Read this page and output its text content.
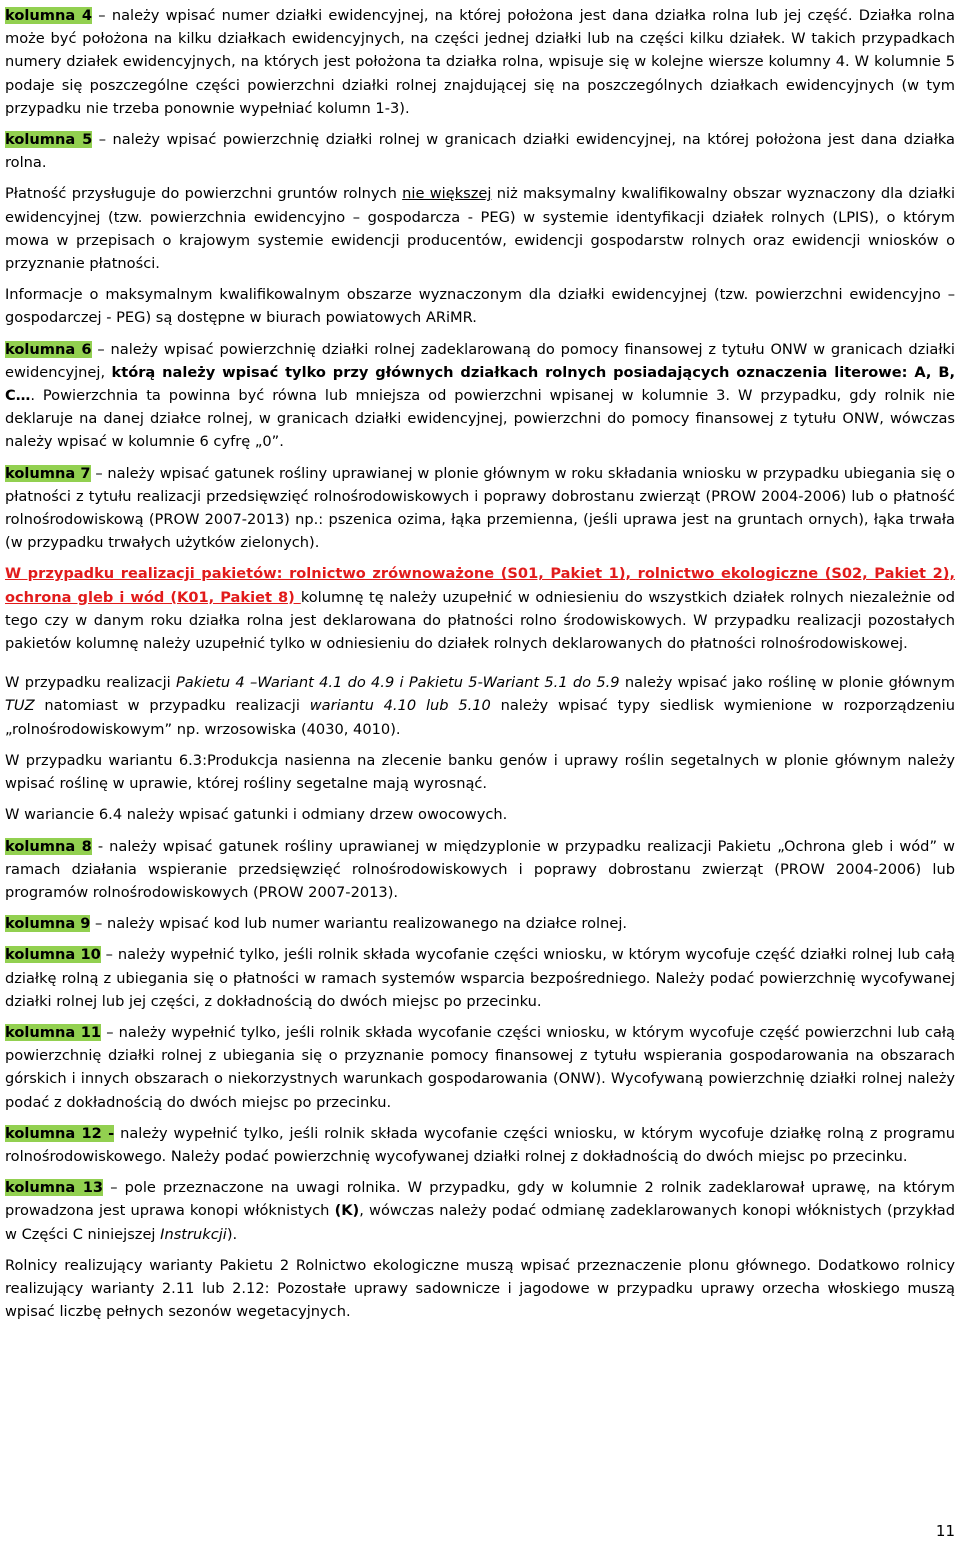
kolumna 4 – należy wpisać numer działki ewidencyjnej, na której położona jest dana działka rolna lub jej część. Działka rolna może być położona na kilku działkach ewidencyjnych, na części jednej działki lub na części kilku działek. W takich przypadkach numery działek ewidencyjnych, na których jest położona ta działka rolna, wpisuje się w kolejne wiersze kolumny 4. W kolumnie 5 podaje się poszczególne części powierzchni działki rolnej znajdującej się na poszczególnych działkach ewidencyjnych (w tym przypadku nie trzeba ponownie wypełniać kolumn 1-3).

kolumna 5 – należy wpisać powierzchnię działki rolnej w granicach działki ewidencyjnej, na której położona jest dana działka rolna.

Płatność przysługuje do powierzchni gruntów rolnych nie większej niż maksymalny kwalifikowalny obszar wyznaczony dla działki ewidencyjnej (tzw. powierzchnia ewidencyjno – gospodarcza - PEG) w systemie identyfikacji działek rolnych (LPIS), o którym mowa w przepisach o krajowym systemie ewidencji producentów, ewidencji gospodarstw rolnych oraz ewidencji wniosków o przyznanie płatności.

Informacje o maksymalnym kwalifikowalnym obszarze wyznaczonym dla działki ewidencyjnej (tzw. powierzchni ewidencyjno – gospodarczej - PEG) są dostępne w biurach powiatowych ARiMR.

kolumna 6 – należy wpisać powierzchnię działki rolnej zadeklarowaną do pomocy finansowej z tytułu ONW w granicach działki ewidencyjnej, którą należy wpisać tylko przy głównych działkach rolnych posiadających oznaczenia literowe: A, B, C…. Powierzchnia ta powinna być równa lub mniejsza od powierzchni wpisanej w kolumnie 3. W przypadku, gdy rolnik nie deklaruje na danej działce rolnej, w granicach działki ewidencyjnej, powierzchni do pomocy finansowej z tytułu ONW, wówczas należy wpisać w kolumnie 6 cyfrę „0”.

kolumna 7 – należy wpisać gatunek rośliny uprawianej w plonie głównym w roku składania wniosku w przypadku ubiegania się o płatności z tytułu realizacji przedsięwzięć rolnośrodowiskowych i poprawy dobrostanu zwierząt (PROW 2004-2006) lub o płatność rolnośrodowiskową (PROW 2007-2013) np.: pszenica ozima, łąka przemienna, (jeśli uprawa jest na gruntach ornych), łąka trwała (w przypadku trwałych użytków zielonych).

W przypadku realizacji pakietów: rolnictwo zrównoważone (S01, Pakiet 1), rolnictwo ekologiczne (S02, Pakiet 2), ochrona gleb i wód (K01, Pakiet 8) kolumnę tę należy uzupełnić w odniesieniu do wszystkich działek rolnych niezależnie od tego czy w danym roku działka rolna jest deklarowana do płatności rolno środowiskowych. W przypadku realizacji pozostałych pakietów kolumnę należy uzupełnić tylko w odniesieniu do działek rolnych deklarowanych do płatności rolnośrodowiskowej.

W przypadku realizacji Pakietu 4 –Wariant 4.1 do 4.9 i Pakietu 5-Wariant 5.1 do 5.9 należy wpisać jako roślinę w plonie głównym TUZ natomiast w przypadku realizacji wariantu 4.10 lub 5.10 należy wpisać typy siedlisk wymienione w rozporządzeniu „rolnośrodowiskowym” np. wrzosowiska (4030, 4010).

W przypadku wariantu 6.3:Produkcja nasienna na zlecenie banku genów i uprawy roślin segetalnych w plonie głównym należy wpisać roślinę w uprawie, której rośliny segetalne mają wyrosnąć.

W wariancie 6.4 należy wpisać gatunki i odmiany drzew owocowych.

kolumna 8 - należy wpisać gatunek rośliny uprawianej w międzyplonie w przypadku realizacji Pakietu „Ochrona gleb i wód” w ramach działania wspieranie przedsięwzięć rolnośrodowiskowych i poprawy dobrostanu zwierząt (PROW 2004-2006) lub programów rolnośrodowiskowych (PROW 2007-2013).

kolumna 9 – należy wpisać kod lub numer wariantu realizowanego na działce rolnej.

kolumna 10 – należy wypełnić tylko, jeśli rolnik składa wycofanie części wniosku, w którym wycofuje część działki rolnej lub całą działkę rolną z ubiegania się o płatności w ramach systemów wsparcia bezpośredniego. Należy podać powierzchnię wycofywanej działki rolnej lub jej części, z dokładnością do dwóch miejsc po przecinku.

kolumna 11 – należy wypełnić tylko, jeśli rolnik składa wycofanie części wniosku, w którym wycofuje część powierzchni lub całą powierzchnię działki rolnej z ubiegania się o przyznanie pomocy finansowej z tytułu wspierania gospodarowania na obszarach górskich i innych obszarach o niekorzystnych warunkach gospodarowania (ONW). Wycofywaną powierzchnię działki rolnej należy podać z dokładnością do dwóch miejsc po przecinku.

kolumna 12 - należy wypełnić tylko, jeśli rolnik składa wycofanie części wniosku, w którym wycofuje działkę rolną z programu rolnośrodowiskowego. Należy podać powierzchnię wycofywanej działki rolnej z dokładnością do dwóch miejsc po przecinku.

kolumna 13 – pole przeznaczone na uwagi rolnika. W przypadku, gdy w kolumnie 2 rolnik zadeklarował uprawę, na którym prowadzona jest uprawa konopi włóknistych (K), wówczas należy podać odmianę zadeklarowanych konopi włóknistych (przykład w Części C niniejszej Instrukcji).

Rolnicy realizujący warianty Pakietu 2 Rolnictwo ekologiczne muszą wpisać przeznaczenie plonu głównego. Dodatkowo rolnicy realizujący warianty 2.11 lub 2.12: Pozostałe uprawy sadownicze i jagodowe w przypadku uprawy orzecha włoskiego muszą wpisać liczbę pełnych sezonów wegetacyjnych.

11
